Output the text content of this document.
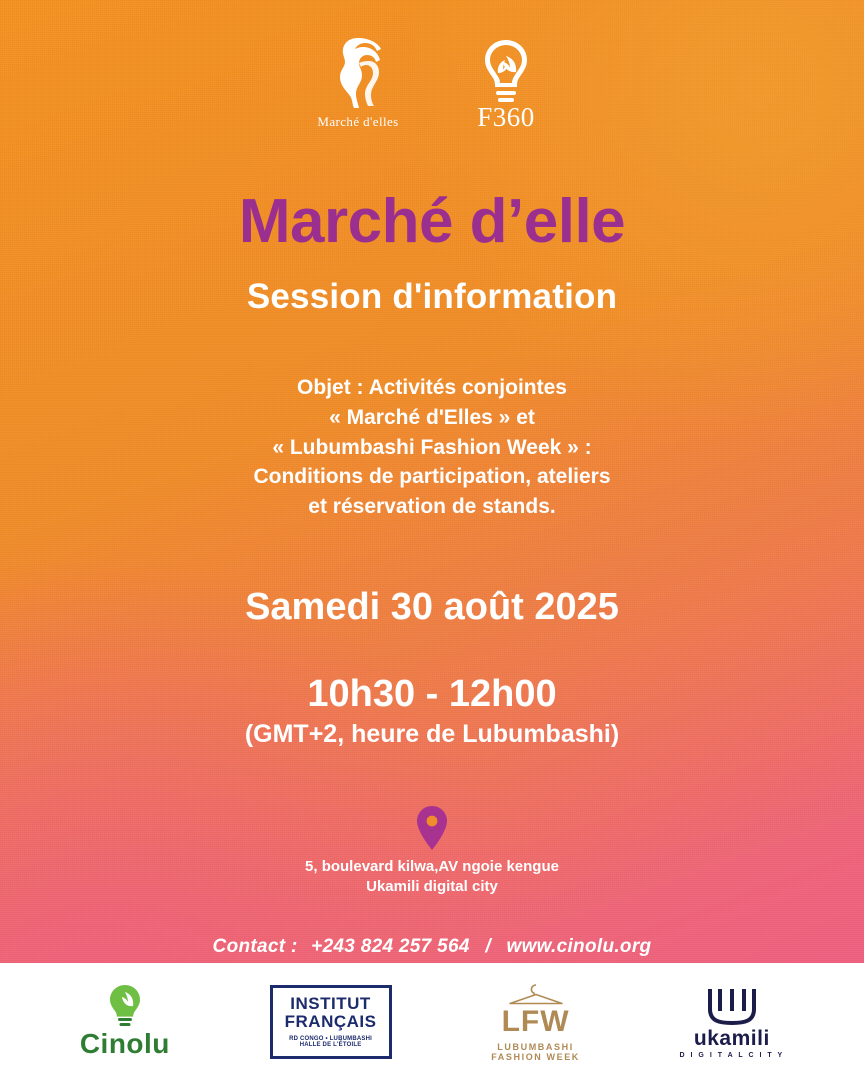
Marché d'elles	F360
Marché d’elle
Session d'information
Objet : Activités conjointes
« Marché d'Elles » et
« Lubumbashi Fashion Week » :
Conditions de participation, ateliers
et réservation de stands.
Samedi 30 août 2025
10h30 - 12h00
(GMT+2, heure de Lubumbashi)
5, boulevard kilwa,AV ngoie kengue
Ukamili digital city
Contact : +243 824 257 564 / www.cinolu.org
Cinolu
INSTITUT
FRANÇAIS
RD CONGO • LUBUMBASHI
HALLE DE L'ÉTOILE
LFW
LUBUMBASHI
FASHION WEEK
ukamili
D I G I T A L C I T Y
